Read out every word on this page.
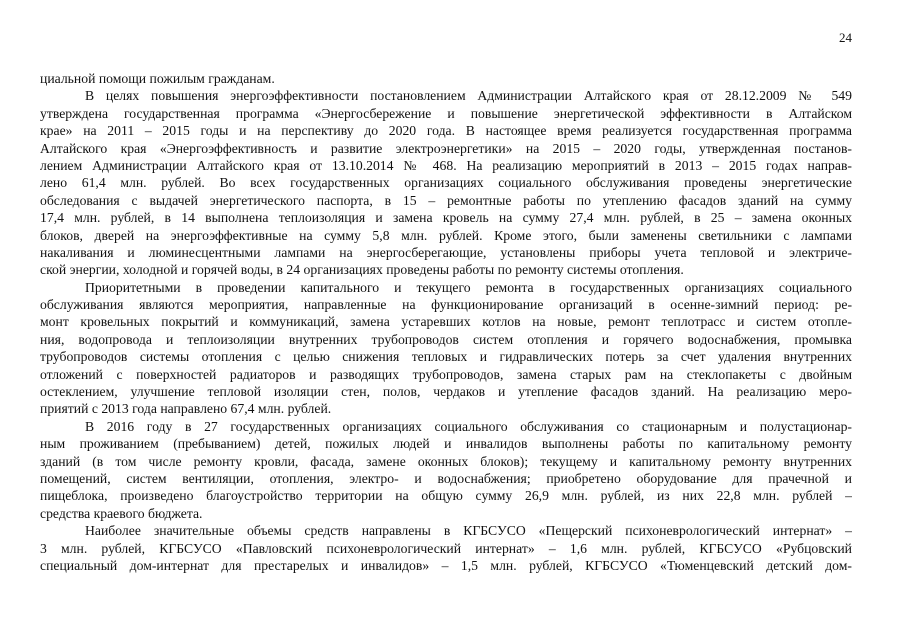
24
циальной помощи пожилым гражданам.
В целях повышения энергоэффективности постановлением Администрации Алтайского края от 28.12.2009 № 549
утверждена государственная программа «Энергосбережение и повышение энергетической эффективности в Алтайском
крае» на 2011 – 2015 годы и на перспективу до 2020 года. В настоящее время реализуется государственная программа
Алтайского края «Энергоэффективность и развитие электроэнергетики» на 2015 – 2020 годы, утвержденная постанов-
лением Администрации Алтайского края от 13.10.2014 № 468. На реализацию мероприятий в 2013 – 2015 годах направ-
лено 61,4 млн. рублей. Во всех государственных организациях социального обслуживания проведены энергетические
обследования с выдачей энергетического паспорта, в 15 – ремонтные работы по утеплению фасадов зданий на сумму
17,4 млн. рублей, в 14 выполнена теплоизоляция и замена кровель на сумму 27,4 млн. рублей, в 25 – замена оконных
блоков, дверей на энергоэффективные на сумму 5,8 млн. рублей. Кроме этого, были заменены светильники с лампами
накаливания и люминесцентными лампами на энергосберегающие, установлены приборы учета тепловой и электриче-
ской энергии, холодной и горячей воды, в 24 организациях проведены работы по ремонту системы отопления.
Приоритетными в проведении капитального и текущего ремонта в государственных организациях социального
обслуживания являются мероприятия, направленные на функционирование организаций в осенне-зимний период: ре-
монт кровельных покрытий и коммуникаций, замена устаревших котлов на новые, ремонт теплотрасс и систем отопле-
ния, водопровода и теплоизоляции внутренних трубопроводов систем отопления и горячего водоснабжения, промывка
трубопроводов системы отопления с целью снижения тепловых и гидравлических потерь за счет удаления внутренних
отложений с поверхностей радиаторов и разводящих трубопроводов, замена старых рам на стеклопакеты с двойным
остеклением, улучшение тепловой изоляции стен, полов, чердаков и утепление фасадов зданий. На реализацию меро-
приятий с 2013 года направлено 67,4 млн. рублей.
В 2016 году в 27 государственных организациях социального обслуживания со стационарным и полустационар-
ным проживанием (пребыванием) детей, пожилых людей и инвалидов выполнены работы по капитальному ремонту
зданий (в том числе ремонту кровли, фасада, замене оконных блоков); текущему и капитальному ремонту внутренних
помещений, систем вентиляции, отопления, электро- и водоснабжения; приобретено оборудование для прачечной и
пищеблока, произведено благоустройство территории на общую сумму 26,9 млн. рублей, из них 22,8 млн. рублей –
средства краевого бюджета.
Наиболее значительные объемы средств направлены в КГБСУСО «Пещерский психоневрологический интернат» –
3 млн. рублей, КГБСУСО «Павловский психоневрологический интернат» – 1,6 млн. рублей, КГБСУСО «Рубцовский
специальный дом-интернат для престарелых и инвалидов» – 1,5 млн. рублей, КГБСУСО «Тюменцевский детский дом-
